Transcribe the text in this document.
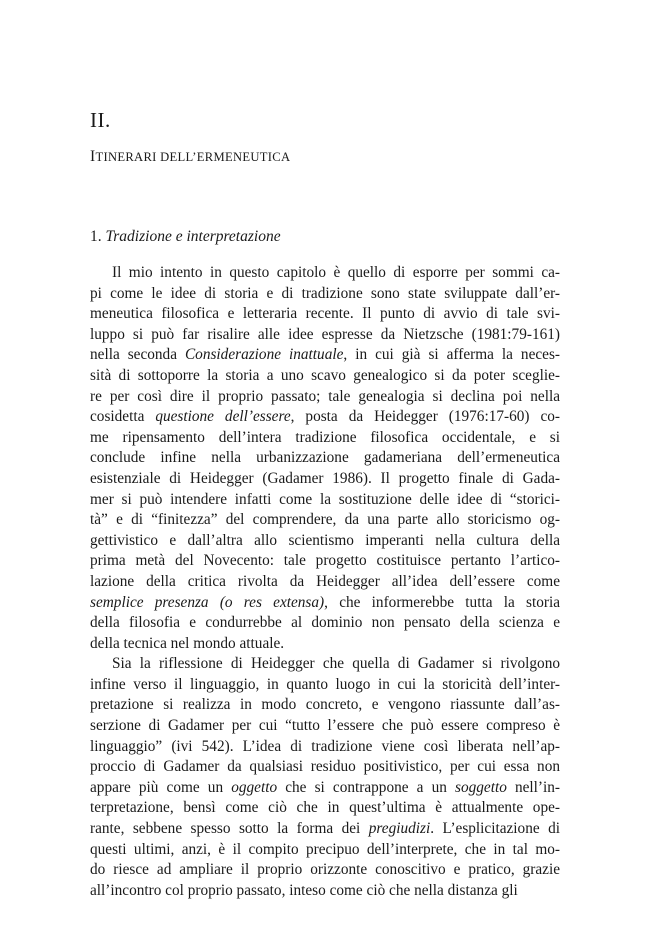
II.
ITINERARI DELL’ERMENEUTICA
1. Tradizione e interpretazione
Il mio intento in questo capitolo è quello di esporre per sommi ca-
pi come le idee di storia e di tradizione sono state sviluppate dall’er-
meneutica filosofica e letteraria recente. Il punto di avvio di tale svi-
luppo si può far risalire alle idee espresse da Nietzsche (1981:79-161)
nella seconda Considerazione inattuale, in cui già si afferma la neces-
sità di sottoporre la storia a uno scavo genealogico si da poter sceglie-
re per così dire il proprio passato; tale genealogia si declina poi nella
cosidetta questione dell’essere, posta da Heidegger (1976:17-60) co-
me ripensamento dell’intera tradizione filosofica occidentale, e si
conclude infine nella urbanizzazione gadameriana dell’ermeneutica
esistenziale di Heidegger (Gadamer 1986). Il progetto finale di Gada-
mer si può intendere infatti come la sostituzione delle idee di “storici-
tà” e di “finitezza” del comprendere, da una parte allo storicismo og-
gettivistico e dall’altra allo scientismo imperanti nella cultura della
prima metà del Novecento: tale progetto costituisce pertanto l’artico-
lazione della critica rivolta da Heidegger all’idea dell’essere come
semplice presenza (o res extensa), che informerebbe tutta la storia
della filosofia e condurrebbe al dominio non pensato della scienza e
della tecnica nel mondo attuale.
Sia la riflessione di Heidegger che quella di Gadamer si rivolgono
infine verso il linguaggio, in quanto luogo in cui la storicità dell’inter-
pretazione si realizza in modo concreto, e vengono riassunte dall’as-
serzione di Gadamer per cui “tutto l’essere che può essere compreso è
linguaggio” (ivi 542). L’idea di tradizione viene così liberata nell’ap-
proccio di Gadamer da qualsiasi residuo positivistico, per cui essa non
appare più come un oggetto che si contrappone a un soggetto nell’in-
terpretazione, bensì come ciò che in quest’ultima è attualmente ope-
rante, sebbene spesso sotto la forma dei pregiudizi. L’esplicitazione di
questi ultimi, anzi, è il compito precipuo dell’interprete, che in tal mo-
do riesce ad ampliare il proprio orizzonte conoscitivo e pratico, grazie
all’incontro col proprio passato, inteso come ciò che nella distanza gli
